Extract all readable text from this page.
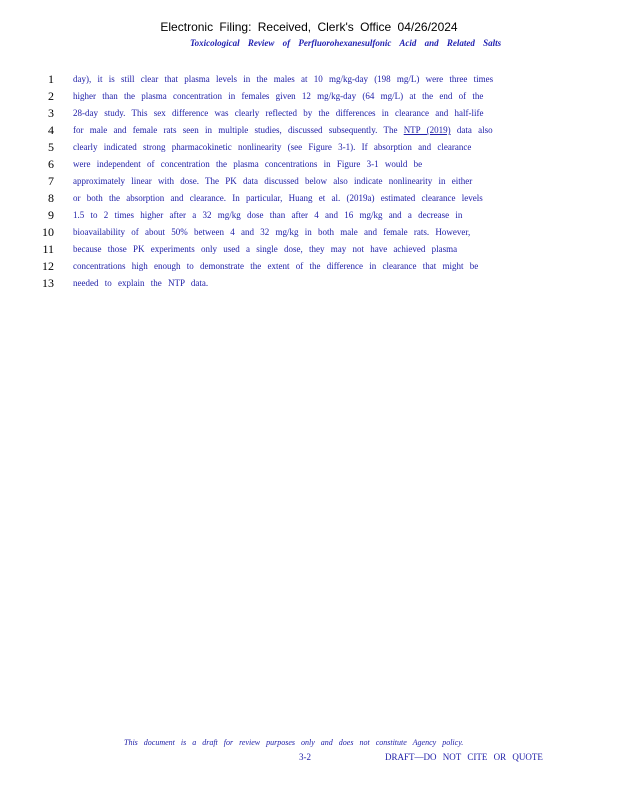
Electronic Filing: Received, Clerk's Office 04/26/2024
Toxicological Review of Perfluorohexanesulfonic Acid and Related Salts
1 day), it is still clear that plasma levels in the males at 10 mg/kg-day (198 mg/L) were three times
2 higher than the plasma concentration in females given 12 mg/kg-day (64 mg/L) at the end of the
3 28-day study. This sex difference was clearly reflected by the differences in clearance and half-life
4 for male and female rats seen in multiple studies, discussed subsequently. The NTP (2019) data also
5 clearly indicated strong pharmacokinetic nonlinearity (see Figure 3-1). If absorption and clearance
6 were independent of concentration the plasma concentrations in Figure 3-1 would be
7 approximately linear with dose. The PK data discussed below also indicate nonlinearity in either
8 or both the absorption and clearance. In particular, Huang et al. (2019a) estimated clearance levels
9 1.5 to 2 times higher after a 32 mg/kg dose than after 4 and 16 mg/kg and a decrease in
10 bioavailability of about 50% between 4 and 32 mg/kg in both male and female rats. However,
11 because those PK experiments only used a single dose, they may not have achieved plasma
12 concentrations high enough to demonstrate the extent of the difference in clearance that might be
13 needed to explain the NTP data.
This document is a draft for review purposes only and does not constitute Agency policy.
3-2	DRAFT—DO NOT CITE OR QUOTE
